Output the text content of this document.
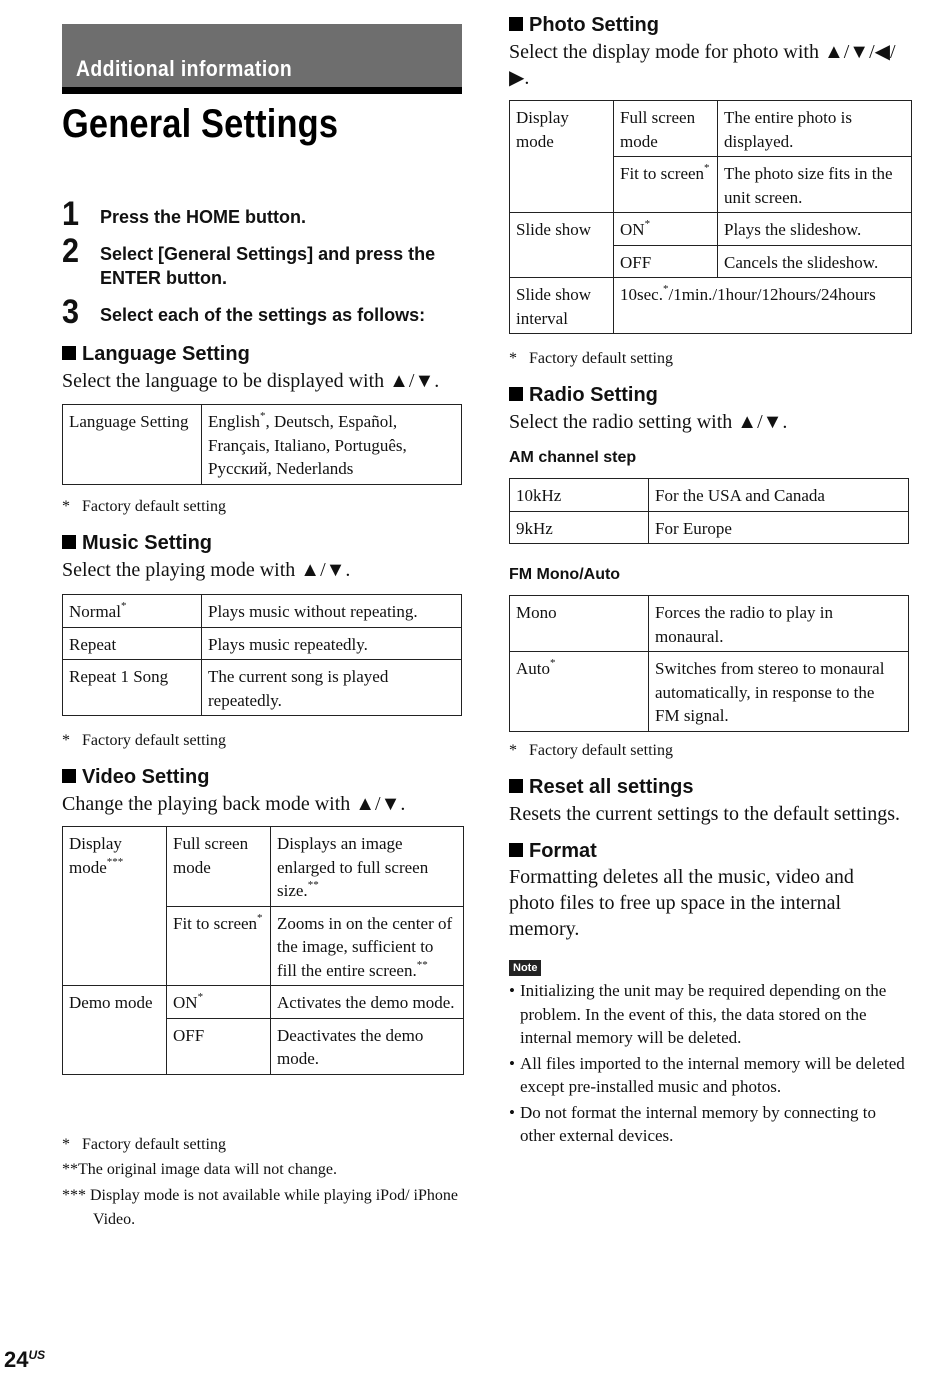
Additional information
General Settings
1 Press the HOME button.
2 Select [General Settings] and press the ENTER button.
3 Select each of the settings as follows:
Language Setting

Select the language to be displayed with ▲/▼.

Language Setting	English*, Deutsch, Español, Français, Italiano, Português, Русский, Nederlands

* Factory default setting

Music Setting

Select the playing mode with ▲/▼.

Normal*	Plays music without repeating.
Repeat	Plays music repeatedly.
Repeat 1 Song	The current song is played repeatedly.

* Factory default setting

Video Setting

Change the playing back mode with ▲/▼.

Display mode***	Full screen mode	Displays an image enlarged to full screen size.**
	Fit to screen*	Zooms in on the center of the image, sufficient to fill the entire screen.**
Demo mode	ON*	Activates the demo mode.
	OFF	Deactivates the demo mode.

* Factory default setting

**The original image data will not change.

*** Display mode is not available while playing iPod/ iPhone Video.

Photo Setting

Select the display mode for photo with ▲/▼/◀/ ▶.

Display mode	Full screen mode	The entire photo is displayed.
	Fit to screen*	The photo size fits in the unit screen.
Slide show	ON*	Plays the slideshow.
	OFF	Cancels the slideshow.
Slide show interval	10sec.*/1min./1hour/12hours/24hours	

* Factory default setting

Radio Setting

Select the radio setting with ▲/▼.

AM channel step
10kHz	For the USA and Canada
9kHz	For Europe
FM Mono/Auto
Mono	Forces the radio to play in monaural.
Auto*	Switches from stereo to monaural automatically, in response to the FM signal.

* Factory default setting

Reset all settings

Resets the current settings to the default settings.

Format

Formatting deletes all the music, video and photo files to free up space in the internal memory.

Note
• Initializing the unit may be required depending on the problem. In the event of this, the data stored on the internal memory will be deleted.
• All files imported to the internal memory will be deleted except pre-installed music and photos.
• Do not format the internal memory by connecting to other external devices.
$24^{US}$
